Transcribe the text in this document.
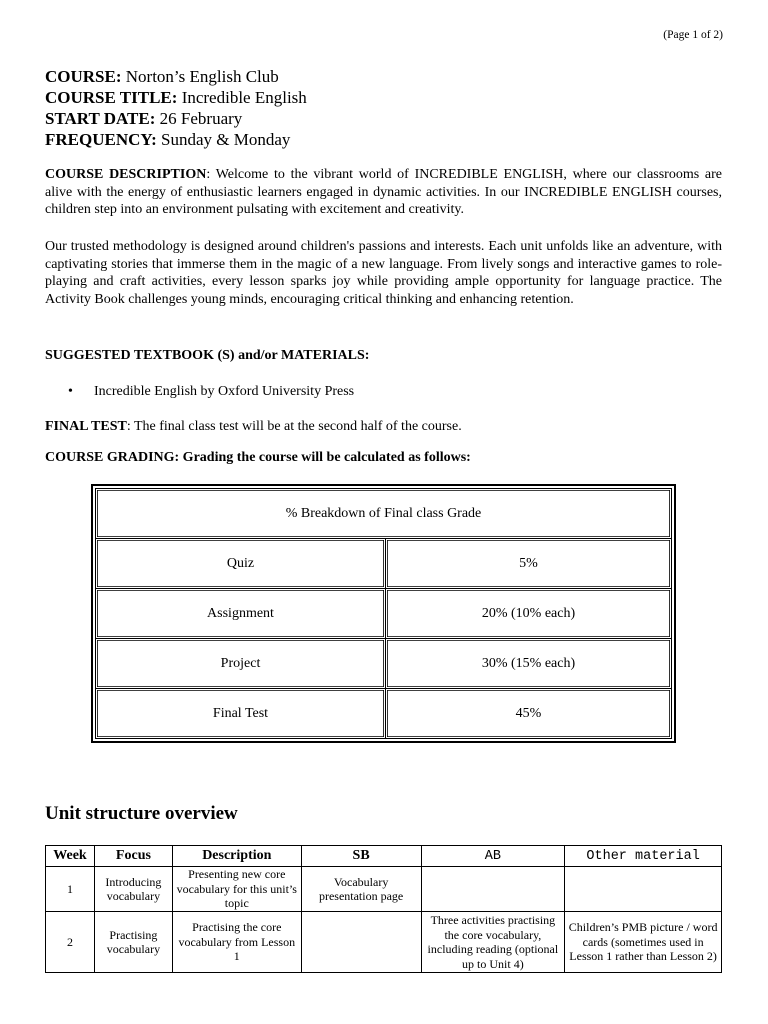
(Page 1 of 2)
COURSE: Norton’s English Club
COURSE TITLE: Incredible English
START DATE: 26 February
FREQUENCY: Sunday & Monday
COURSE DESCRIPTION: Welcome to the vibrant world of INCREDIBLE ENGLISH, where our classrooms are alive with the energy of enthusiastic learners engaged in dynamic activities. In our INCREDIBLE ENGLISH courses, children step into an environment pulsating with excitement and creativity.
Our trusted methodology is designed around children's passions and interests. Each unit unfolds like an adventure, with captivating stories that immerse them in the magic of a new language. From lively songs and interactive games to role-playing and craft activities, every lesson sparks joy while providing ample opportunity for language practice. The Activity Book challenges young minds, encouraging critical thinking and enhancing retention.
SUGGESTED TEXTBOOK (S) and/or MATERIALS:
• Incredible English by Oxford University Press
FINAL TEST: The final class test will be at the second half of the course.
COURSE GRADING: Grading the course will be calculated as follows:
% Breakdown of Final class Grade	
Quiz	5%
Assignment	20% (10% each)
Project	30% (15% each)
Final Test	45%
Unit structure overview
Week	Focus	Description	SB	AB	Other material
1	Introducing vocabulary	Presenting new core vocabulary for this unit’s topic	Vocabulary presentation page		
2	Practising vocabulary	Practising the core vocabulary from Lesson 1		Three activities practising the core vocabulary, including reading (optional up to Unit 4)	Children’s PMB picture / word cards (sometimes used in Lesson 1 rather than Lesson 2)
